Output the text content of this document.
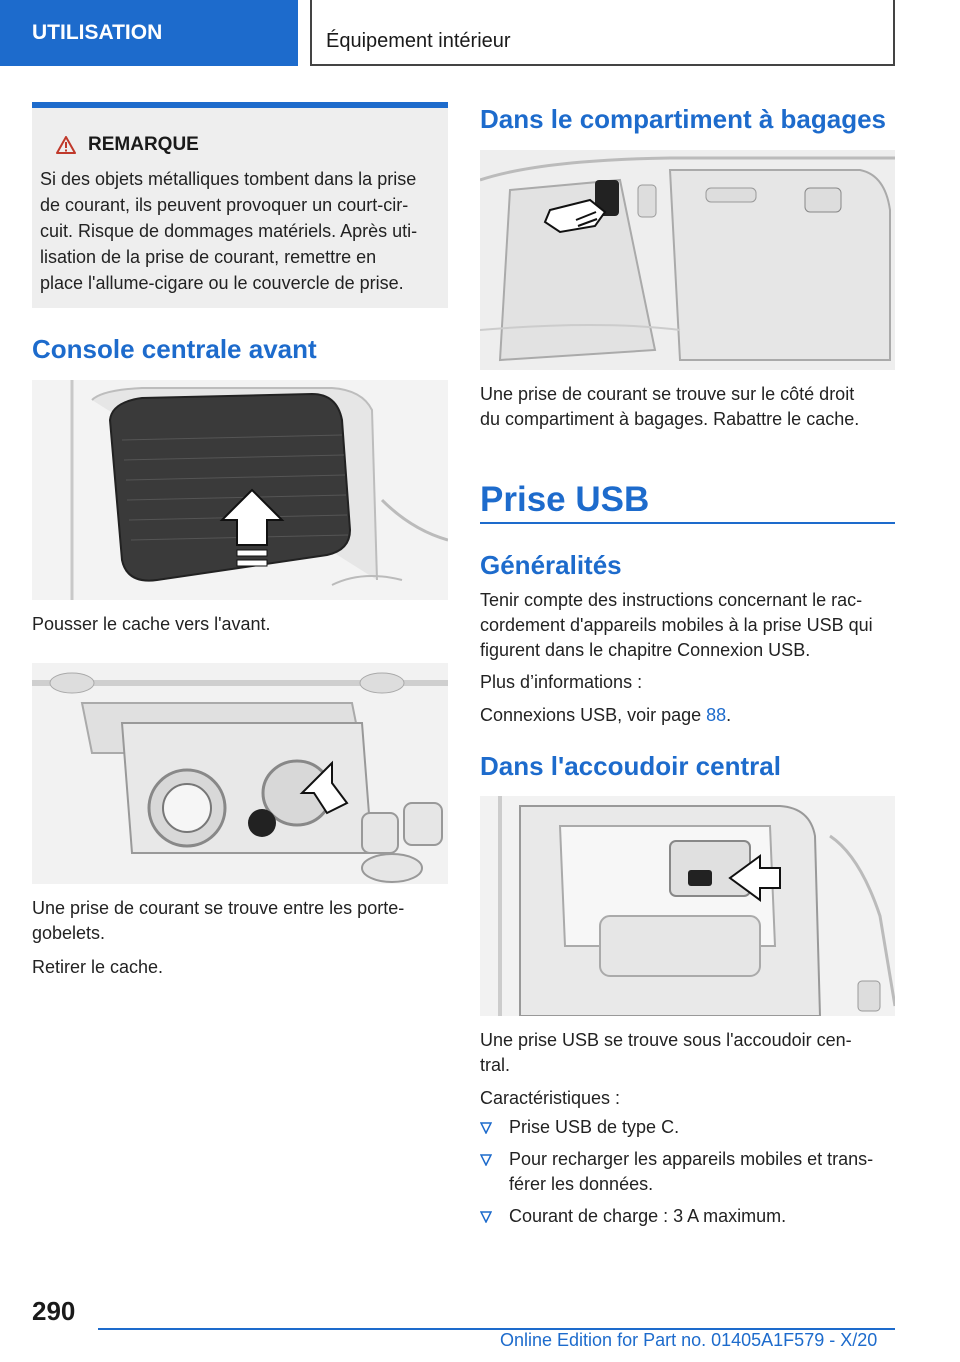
UTILISATION	Équipement intérieur
REMARQUE
Si des objets métalliques tombent dans la prise
de courant, ils peuvent provoquer un court-cir-
cuit. Risque de dommages matériels. Après uti-
lisation de la prise de courant, remettre en
place l'allume-cigare ou le couvercle de prise.
Console centrale avant

Pousser le cache vers l'avant.

Une prise de courant se trouve entre les porte-
gobelets.

Retirer le cache.

Dans le compartiment à bagages

Une prise de courant se trouve sur le côté droit
du compartiment à bagages. Rabattre le cache.

Prise USB
Généralités

Tenir compte des instructions concernant le rac-
cordement d'appareils mobiles à la prise USB qui
figurent dans le chapitre Connexion USB.

Plus d’informations :

Connexions USB, voir page 88.

Dans l'accoudoir central

Une prise USB se trouve sous l'accoudoir cen-
tral.

Caractéristiques :

Prise USB de type C.
Pour recharger les appareils mobiles et trans-
férer les données.
Courant de charge : 3 A maximum.
290
Online Edition for Part no. 01405A1F579 - X/20
